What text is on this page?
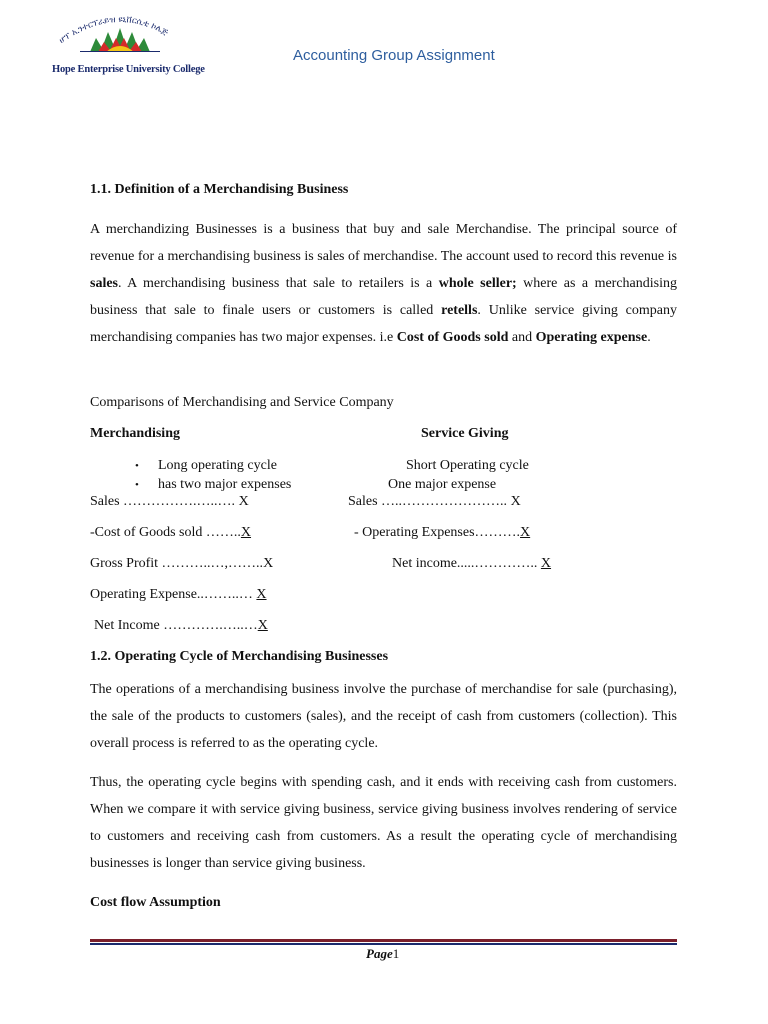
ሆፕ ኢንተርፕራይዝ ዩኒቨርሲቲ ኮሌጅ
Hope Enterprise University College
Accounting Group Assignment
1.1. Definition of a Merchandising Business
A merchandizing Businesses is a business that buy and sale Merchandise. The principal source of revenue for a merchandising business is sales of merchandise. The account used to record this revenue is sales. A merchandising business that sale to retailers is a whole seller; where as a merchandising business that sale to finale users or customers is called retells. Unlike service giving company merchandising companies has two major expenses. i.e Cost of Goods sold and Operating expense.
Comparisons of Merchandising and Service Company
Merchandising	Service Giving
• Long operating cycle
• has two major expenses
Short Operating cycle
One major expense
Sales …………….…..…. X
-Cost of Goods sold ……..X
Gross Profit ………..…,……..X
Operating Expense..……..… X
Net Income ………….…..…X
Sales …..………………….. X
- Operating Expenses……….X
Net income.....………….. X
1.2. Operating Cycle of Merchandising Businesses
The operations of a merchandising business involve the purchase of merchandise for sale (purchasing), the sale of the products to customers (sales), and the receipt of cash from customers (collection). This overall process is referred to as the operating cycle.
Thus, the operating cycle begins with spending cash, and it ends with receiving cash from customers. When we compare it with service giving business, service giving business involves rendering of service to customers and receiving cash from customers. As a result the operating cycle of merchandising businesses is longer than service giving business.
Cost flow Assumption
Page1
